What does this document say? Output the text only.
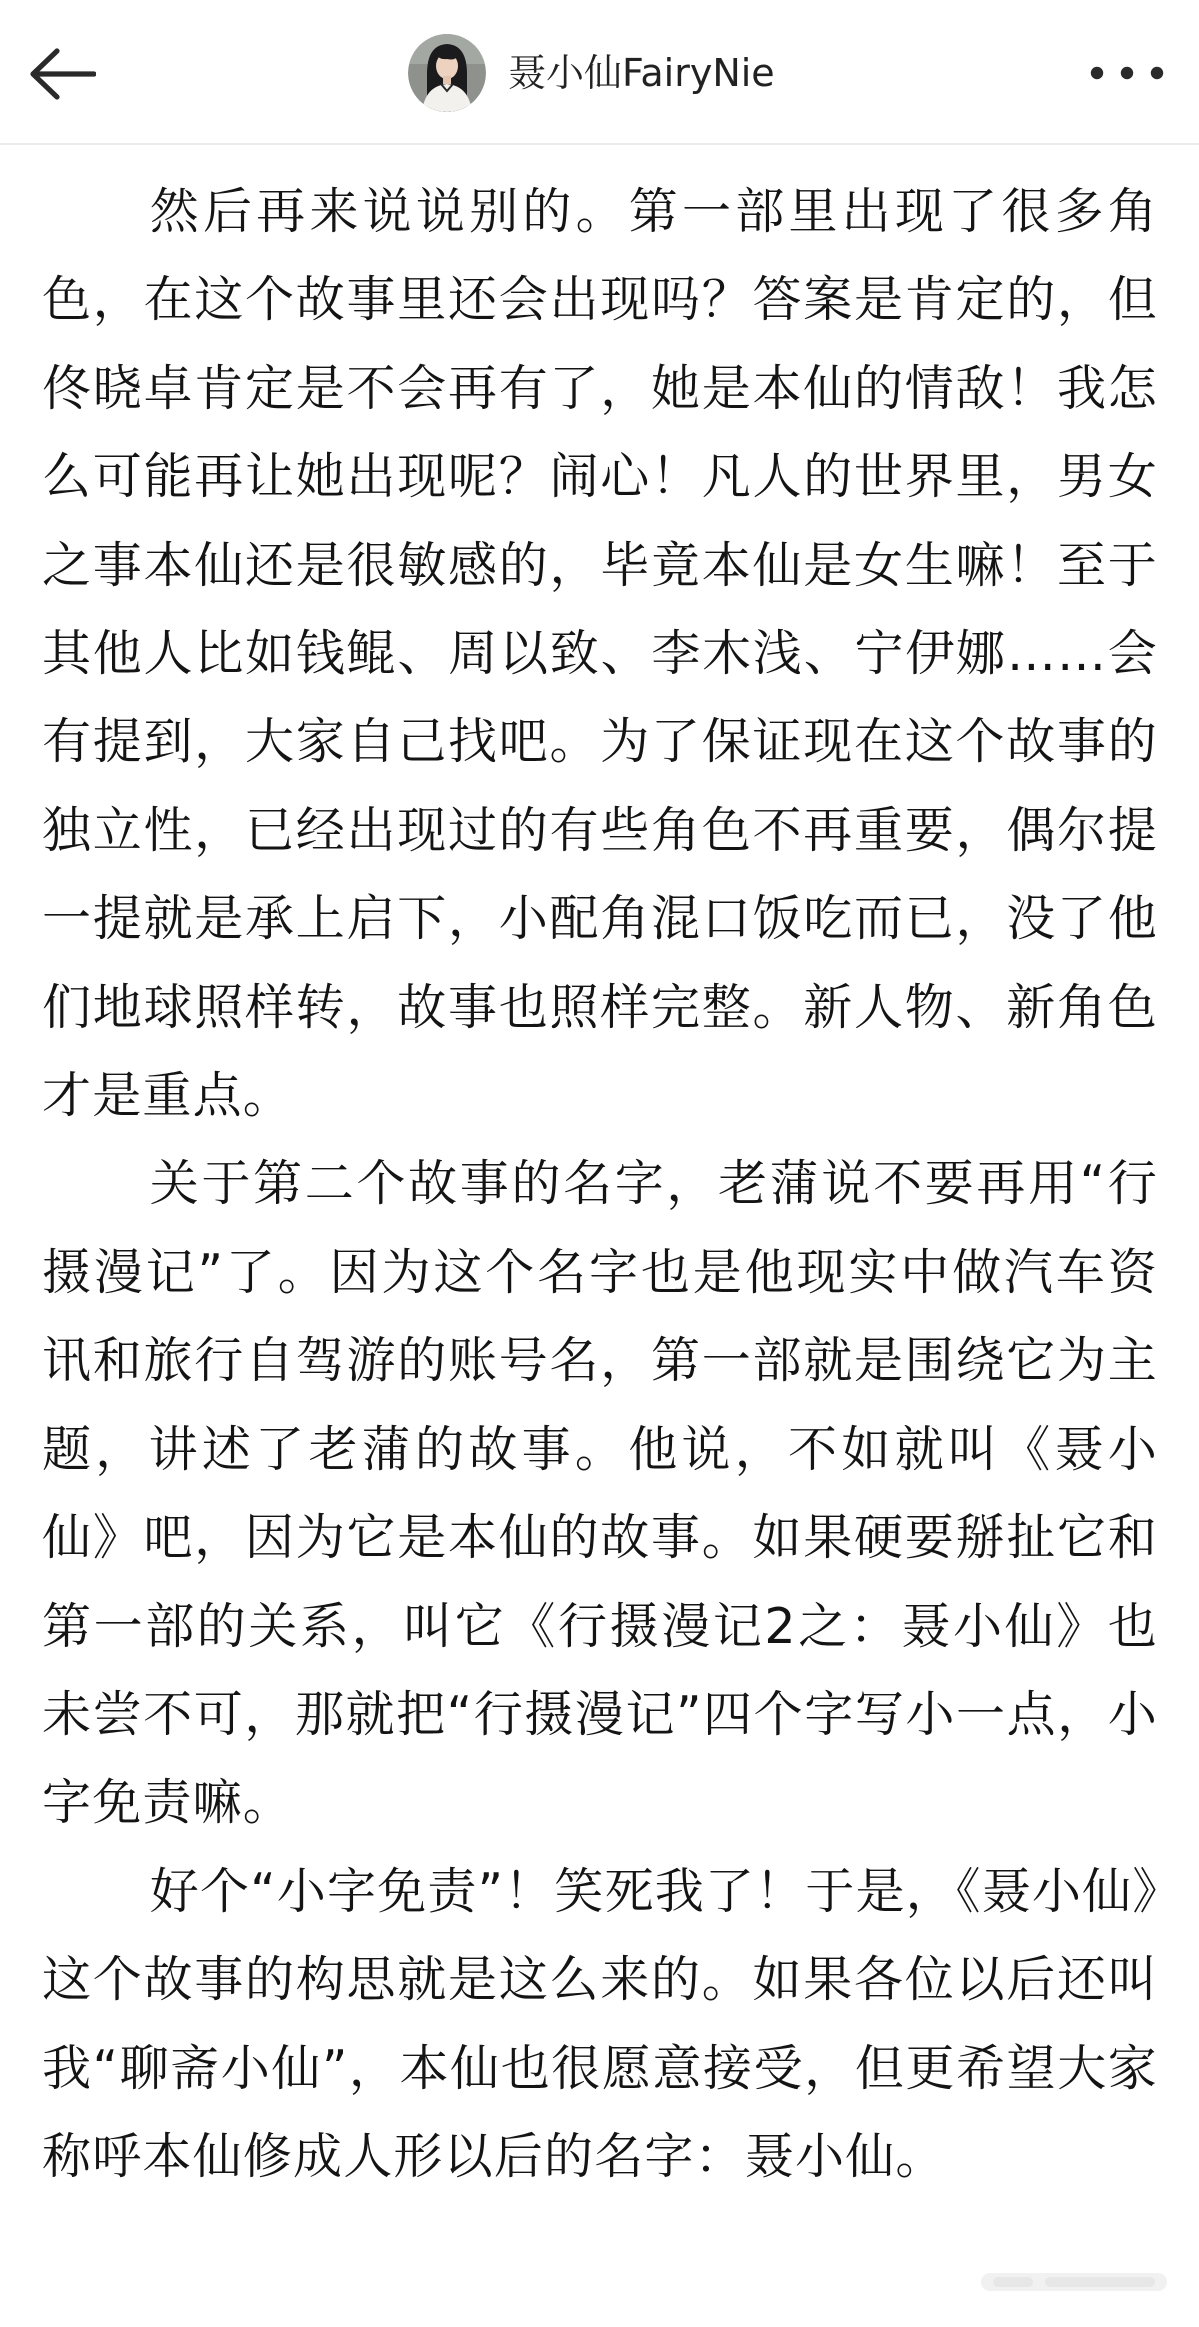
聂小仙FairyNie

然后再来说说别的。第一部里出现了很多角色，在这个故事里还会出现吗？答案是肯定的，但佟晓卓肯定是不会再有了，她是本仙的情敌！我怎么可能再让她出现呢？闹心！凡人的世界里，男女之事本仙还是很敏感的，毕竟本仙是女生嘛！至于其他人比如钱鲲、周以致、李木浅、宁伊娜……会有提到，大家自己找吧。为了保证现在这个故事的独立性，已经出现过的有些角色不再重要，偶尔提一提就是承上启下，小配角混口饭吃而已，没了他们地球照样转，故事也照样完整。新人物、新角色才是重点。

关于第二个故事的名字，老蒲说不要再用“行摄漫记”了。因为这个名字也是他现实中做汽车资讯和旅行自驾游的账号名，第一部就是围绕它为主题，讲述了老蒲的故事。他说，不如就叫《聂小仙》吧，因为它是本仙的故事。如果硬要掰扯它和第一部的关系，叫它《行摄漫记2之：聂小仙》也未尝不可，那就把“行摄漫记”四个字写小一点，小字免责嘛。

好个“小字免责”！笑死我了！于是，《聂小仙》这个故事的构思就是这么来的。如果各位以后还叫我“聊斋小仙”，本仙也很愿意接受，但更希望大家称呼本仙修成人形以后的名字：聂小仙。
